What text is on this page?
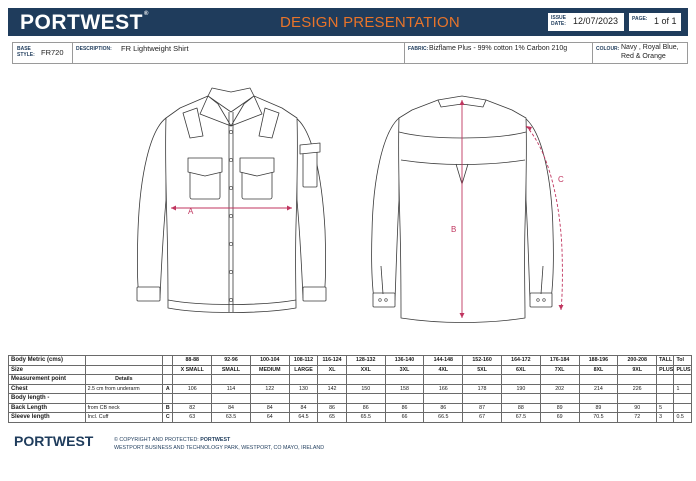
PORTWEST®	DESIGN PRESENTATION	ISSUE DATE: 12/07/2023	PAGE: 1 of 1
BASE STYLE: FR720 DESCRIPTION: FR Lightweight Shirt	FABRIC: Bizflame Plus - 99% cotton 1% Carbon 210g	COLOUR: Navy , Royal Blue,
Red & Orange
A
B
C
Body Metric (cms)			88-88	92-96	100-104	108-112	116-124	128-132	136-140	144-148	152-160	164-172	176-184	188-196	200-208	TALL	Tol
Size			X SMALL	SMALL	MEDIUM	LARGE	XL	XXL	3XL	4XL	5XL	6XL	7XL	8XL	9XL	PLUS	PLUS
Measurement point	Details																
Chest	2.5 cm from underarm	A	106	114	122	130	142	150	158	166	178	190	202	214	226		1
Body length -																	
Back Length	from CB neck	B	82	84	84	84	86	86	86	86	87	88	89	89	90	5	
Sleeve length	Incl. Cuff	C	63	63.5	64	64.5	65	65.5	66	66.5	67	67.5	69	70.5	72	3	0.5
PORTWEST	© COPYRIGHT AND PROTECTED: PORTWEST
WESTPORT BUSINESS AND TECHNOLOGY PARK, WESTPORT, CO MAYO, IRELAND
